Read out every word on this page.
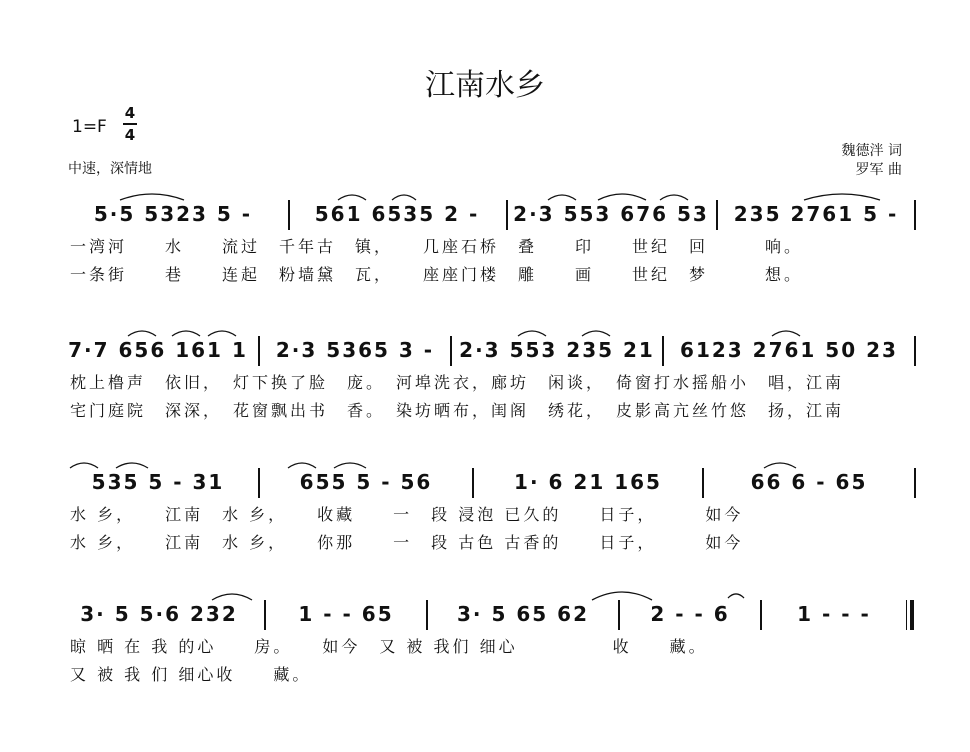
江南水乡
1=F
4
4
中速，深情地
魏德泮 词
罗军 曲
5·5 5323 5 -	561 6535 2 -	2·3 553 676 53	235 2761 5 -
一湾河　　水　　流过　千年古　镇，　　几座石桥　叠　　印　　世纪　回　　　响。
一条街　　巷　　连起　粉墙黛　瓦，　　座座门楼　雕　　画　　世纪　梦　　　想。
7·7 656 161 1	2·3 5365 3 -	2·3 553 235 21	6123 2761 50 23
枕上橹声　依旧，　灯下换了脸　庞。　河埠洗衣，廊坊　闲谈，　倚窗打水摇船小　唱，江南
宅门庭院　深深，　花窗飘出书　香。　染坊晒布，闺阁　绣花，　皮影高亢丝竹悠　扬，江南
535 5 - 31	655 5 - 56	1· 6 21 165	66 6 - 65
水 乡，　　江南　水 乡，　　收藏　　一　段 浸泡 已久的　　日子，　　　如今
水 乡，　　江南　水 乡，　　你那　　一　段 古色 古香的　　日子，　　　如今
3· 5 5·6 232	1 - - 65	3· 5 65 62	2 - - 6	1 - - -
晾 晒 在 我 的心　　房。　　如今　又 被 我们 细心　　　　　收　　藏。
又 被 我 们 细心收　　藏。
